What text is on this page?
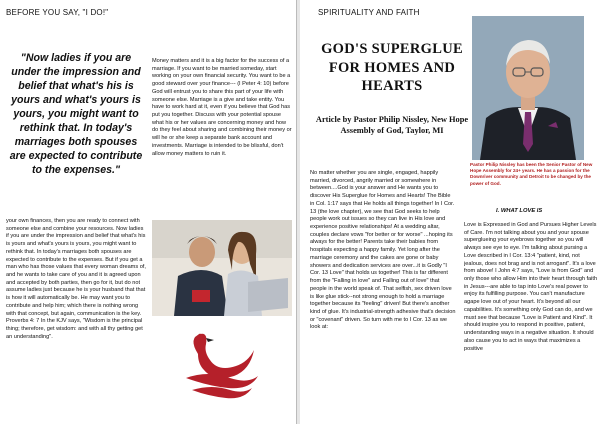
BEFORE YOU SAY, "I DO!"
"Now ladies if you are under the impression and belief that what's his is yours and what's yours is yours, you might want to rethink that. In today's marriages both spouses are expected to contribute to the expenses."
Money matters and it is a big factor for the success of a marriage. If you want to be married someday, start working on your own financial security. You want to be a good steward over your finance--- (I Peter 4: 10) before God will entrust you to share this part of your life with someone else. Marriage is a give and take entity. You have to work hard at it, even if you believe that God has put you together. Discuss with your potential spouse what his or her values are concerning money and how do they feel about sharing and combining their money or will he or she keep a separate bank account and investments. Marriage is intended to be blissful, don't allow money matters to ruin it.
your own finances, then you are ready to connect with someone else and combine your resources. Now ladies if you are under the impression and belief that what's his is yours and what's yours is yours, you might want to rethink that. In today's marriages both spouses are expected to contribute to the expenses. But if you get a man who has those values that every woman dreams of, and he wants to take care of you and it is agreed upon and accepted by both parties, then go for it, but do not assume ladies just because he is your husband that that is how it will automatically be. He may want you to contribute and help him; which there is nothing wrong with that concept, but again, communication is the key. Proverbs 4: 7 In the KJV says, "Wisdom is the principal thing; therefore, get wisdom: and with all thy getting get an understanding".
SPIRITUALITY AND FAITH
GOD'S SUPERGLUE FOR HOMES AND HEARTS
Article by Pastor Philip Nissley, New Hope Assembly of God, Taylor, MI
Pastor Philip Nissley has been the Senior Pastor of New Hope Assembly for 24+ years. He has a passion for the Downriver community and Detroit to be changed by the power of God.
No matter whether you are single, engaged, happily married, divorced, angrily married or somewhere in between....God is your answer and He wants you to discover His Superglue for Homes and Hearts! The Bible in Col. 1:17 says that He holds all things together! In I Cor. 13 (the love chapter), we see that God seeks to help people work out issues so they can live in His love and experience positive relationships! At a wedding altar, couples declare vows "for better or for worse" ...hoping its always for the better! Parents take their babies from hospitals expecting a happy family. Yet long after the marriage ceremony and the cakes are gone or baby showers and dedication services are over...it is Godly "I Cor. 13 Love" that holds us together! This is far different from the "Falling in love" and Falling out of love" that people in the world speak of. That selfish, sex driven love is like glue stick--not strong enough to hold a marriage together because its "feeling" driven! But there's another kind of glue. It's industrial-strength adhesive that's decision or "covenant" driven. So turn with me to I Cor. 13 as we look at:
I. WHAT LOVE IS
Love is Expressed in God and Pursues Higher Levels of Care. I'm not talking about you and your spouse superglueing your eyebrows together so you will always see eye to eye. I'm talking about pursing a Love described in I Cor. 13:4 "patient, kind, not jealous, does not brag and is not arrogant". It's a love from above! I John 4:7 says, "Love is from God" and only those who allow Him into their heart through faith in Jesus---are able to tap into Love's real power to enjoy its fulfilling purpose. You can't manufacture agape love out of your heart. It's beyond all our capabilities. It's something only God can do, and we must see that because "Love is Patient and Kind". It should inspire you to respond in positive, patient, understanding ways in a negative situation. It should also cause you to act in ways that maximizes a positive
